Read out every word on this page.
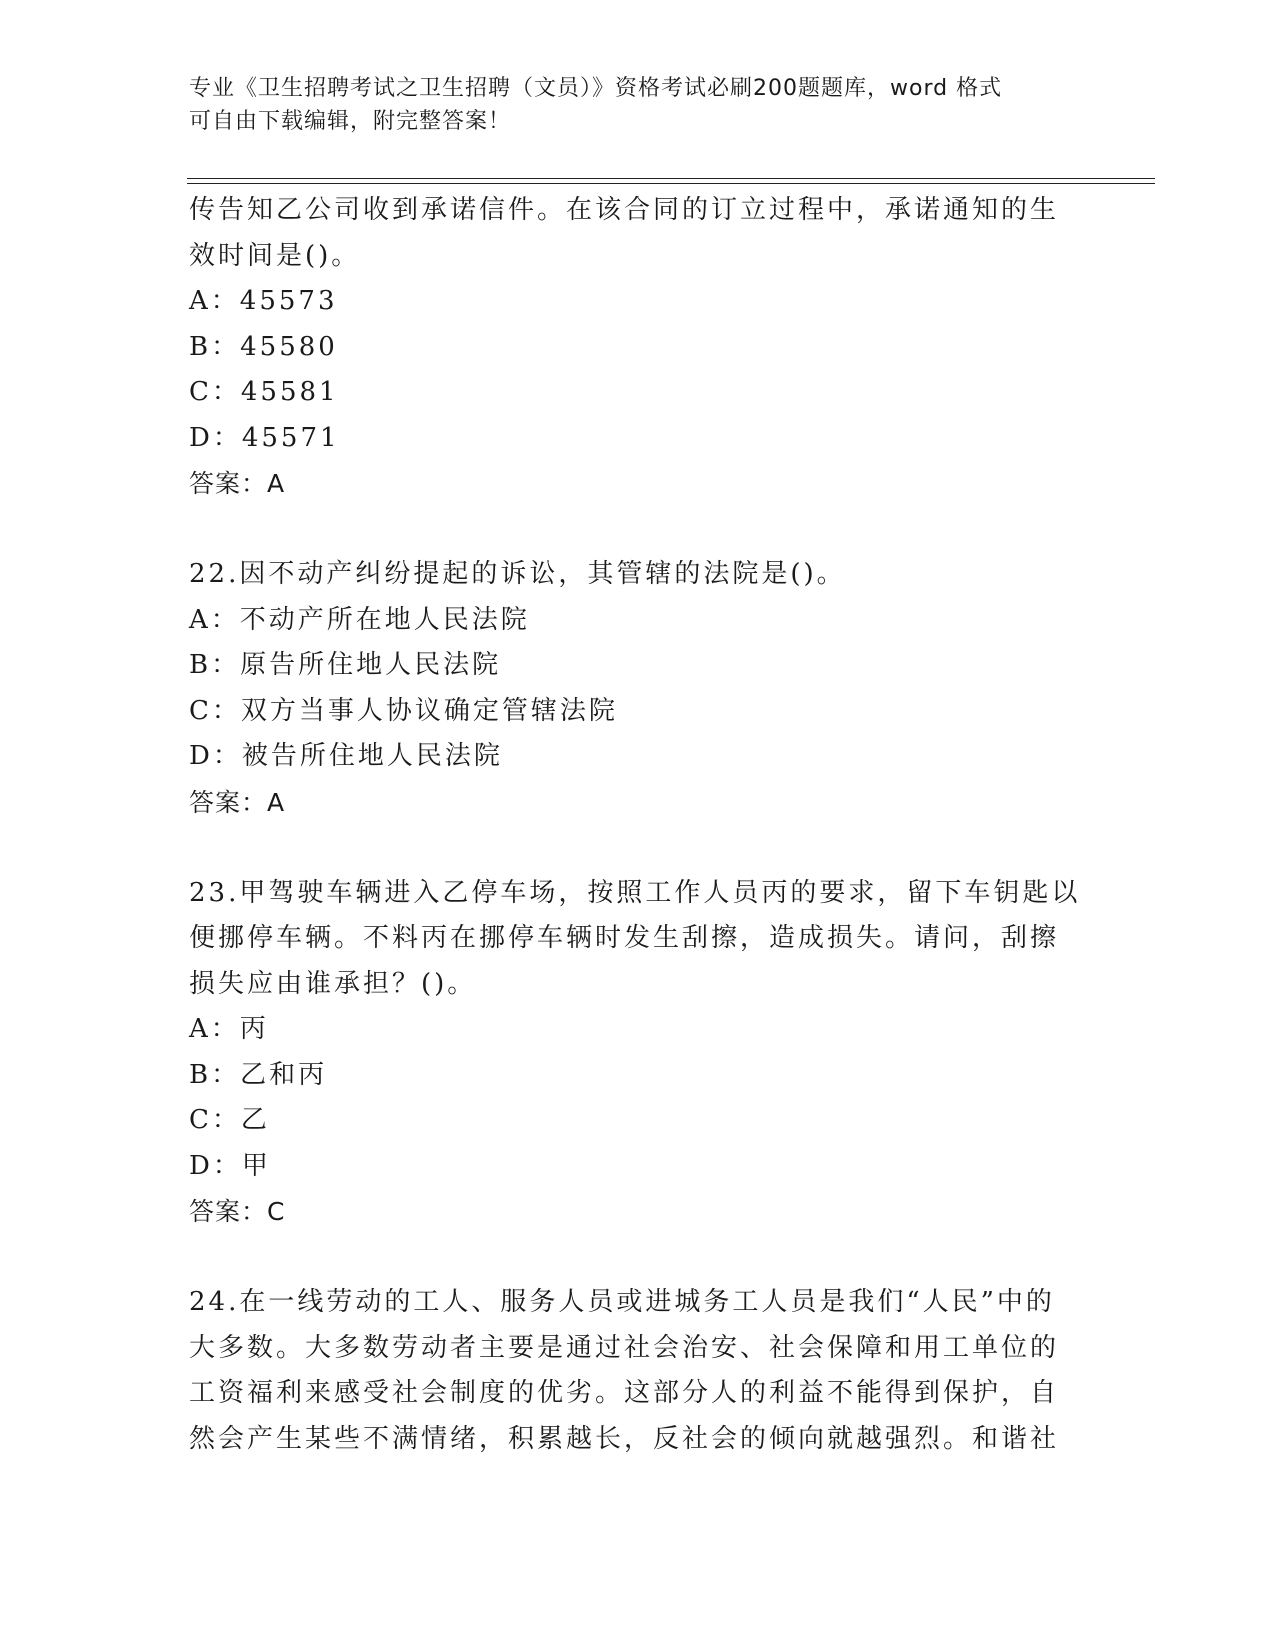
专业《卫生招聘考试之卫生招聘（文员）》资格考试必刷200题题库，word 格式
可自由下载编辑，附完整答案！
传告知乙公司收到承诺信件。在该合同的订立过程中，承诺通知的生
效时间是()。
A：45573
B：45580
C：45581
D：45571
答案：A
22.因不动产纠纷提起的诉讼，其管辖的法院是()。
A：不动产所在地人民法院
B：原告所住地人民法院
C：双方当事人协议确定管辖法院
D：被告所住地人民法院
答案：A
23.甲驾驶车辆进入乙停车场，按照工作人员丙的要求，留下车钥匙以
便挪停车辆。不料丙在挪停车辆时发生刮擦，造成损失。请问，刮擦
损失应由谁承担？()。
A：丙
B：乙和丙
C：乙
D：甲
答案：C
24.在一线劳动的工人、服务人员或进城务工人员是我们“人民”中的
大多数。大多数劳动者主要是通过社会治安、社会保障和用工单位的
工资福利来感受社会制度的优劣。这部分人的利益不能得到保护，自
然会产生某些不满情绪，积累越长，反社会的倾向就越强烈。和谐社
